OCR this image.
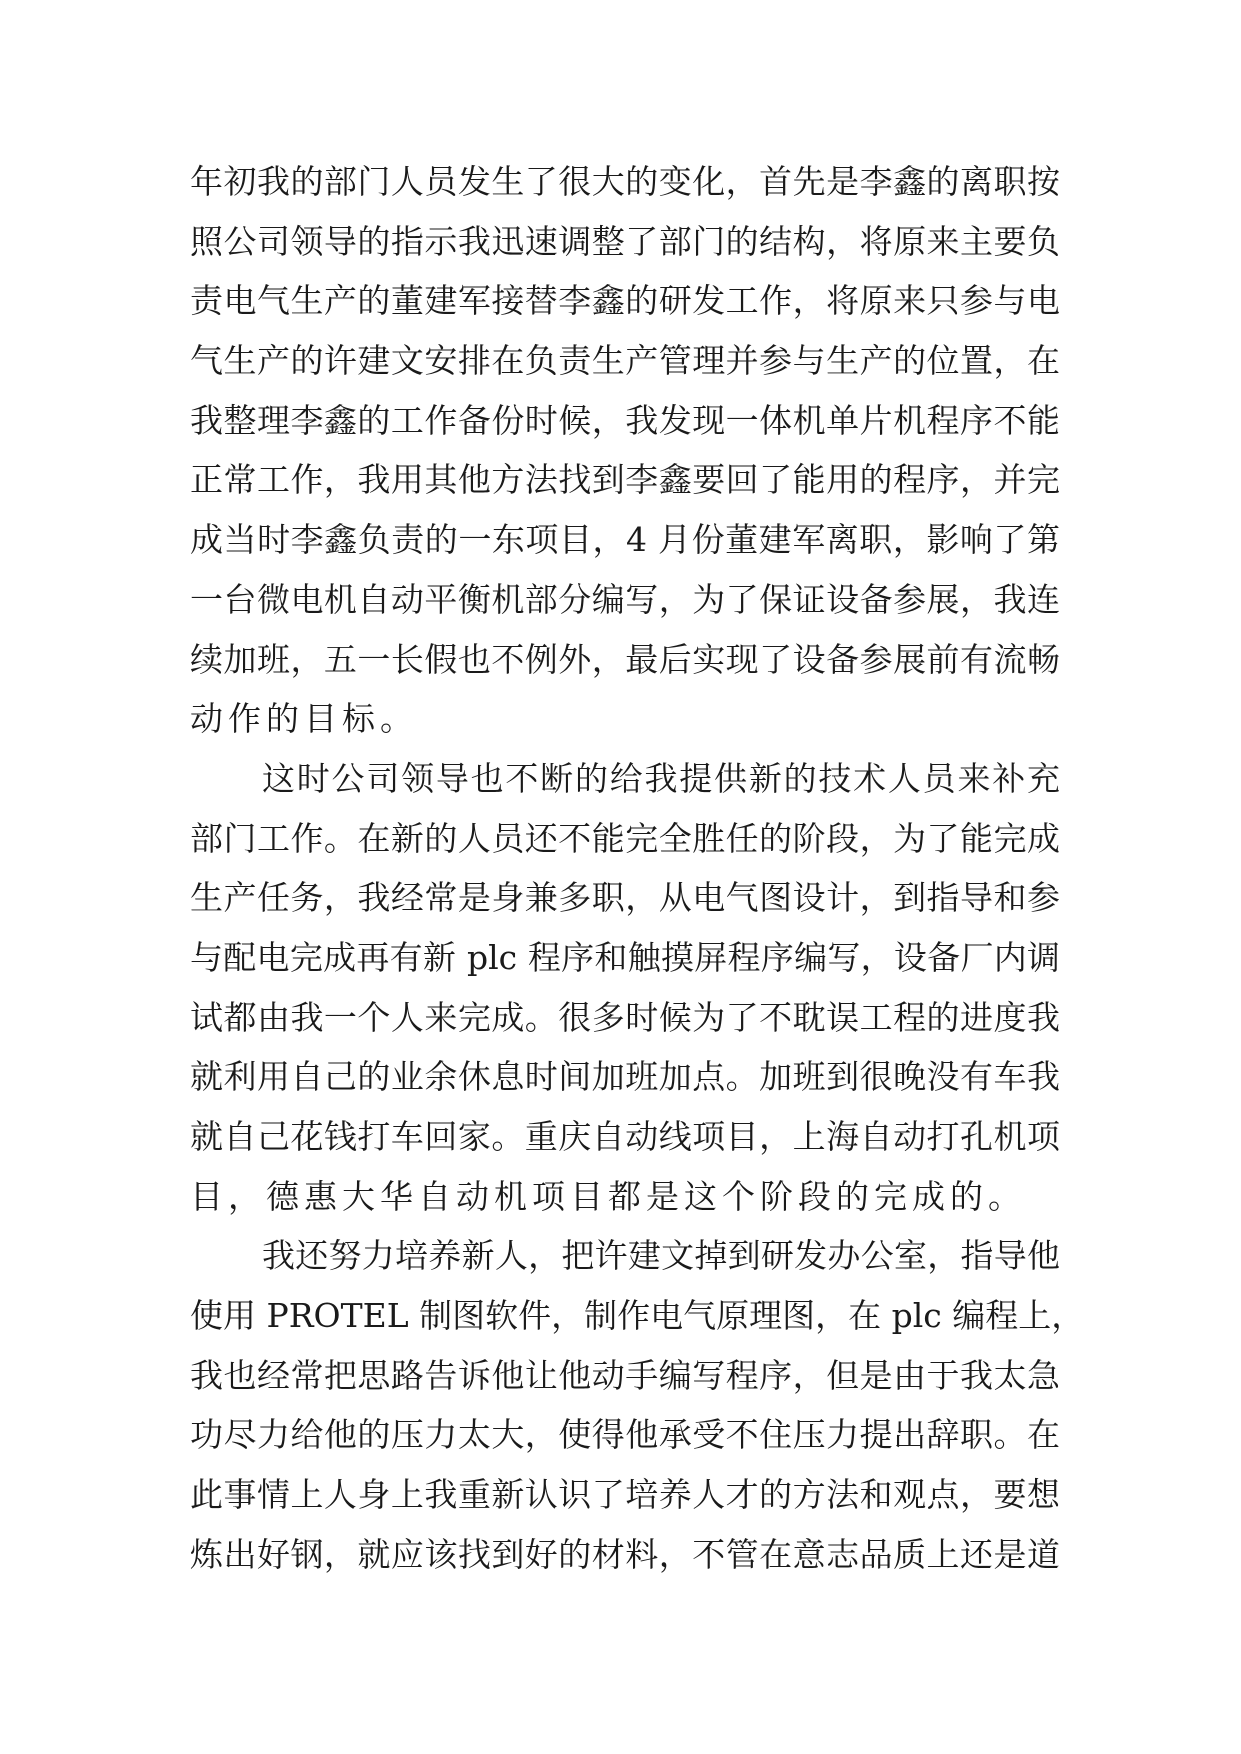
年初我的部门人员发生了很大的变化，首先是李鑫的离职按
照公司领导的指示我迅速调整了部门的结构，将原来主要负
责电气生产的董建军接替李鑫的研发工作，将原来只参与电
气生产的许建文安排在负责生产管理并参与生产的位置，在
我整理李鑫的工作备份时候，我发现一体机单片机程序不能
正常工作，我用其他方法找到李鑫要回了能用的程序，并完
成当时李鑫负责的一东项目，4 月份董建军离职，影响了第
一台微电机自动平衡机部分编写，为了保证设备参展，我连
续加班，五一长假也不例外，最后实现了设备参展前有流畅
动作的目标。
这时公司领导也不断的给我提供新的技术人员来补充
部门工作。在新的人员还不能完全胜任的阶段，为了能完成
生产任务，我经常是身兼多职，从电气图设计，到指导和参
与配电完成再有新 plc 程序和触摸屏程序编写，设备厂内调
试都由我一个人来完成。很多时候为了不耽误工程的进度我
就利用自己的业余休息时间加班加点。加班到很晚没有车我
就自己花钱打车回家。重庆自动线项目，上海自动打孔机项
目，德惠大华自动机项目都是这个阶段的完成的。
我还努力培养新人，把许建文掉到研发办公室，指导他
使用 PROTEL 制图软件，制作电气原理图，在 plc 编程上，
我也经常把思路告诉他让他动手编写程序，但是由于我太急
功尽力给他的压力太大，使得他承受不住压力提出辞职。在
此事情上人身上我重新认识了培养人才的方法和观点，要想
炼出好钢，就应该找到好的材料，不管在意志品质上还是道
